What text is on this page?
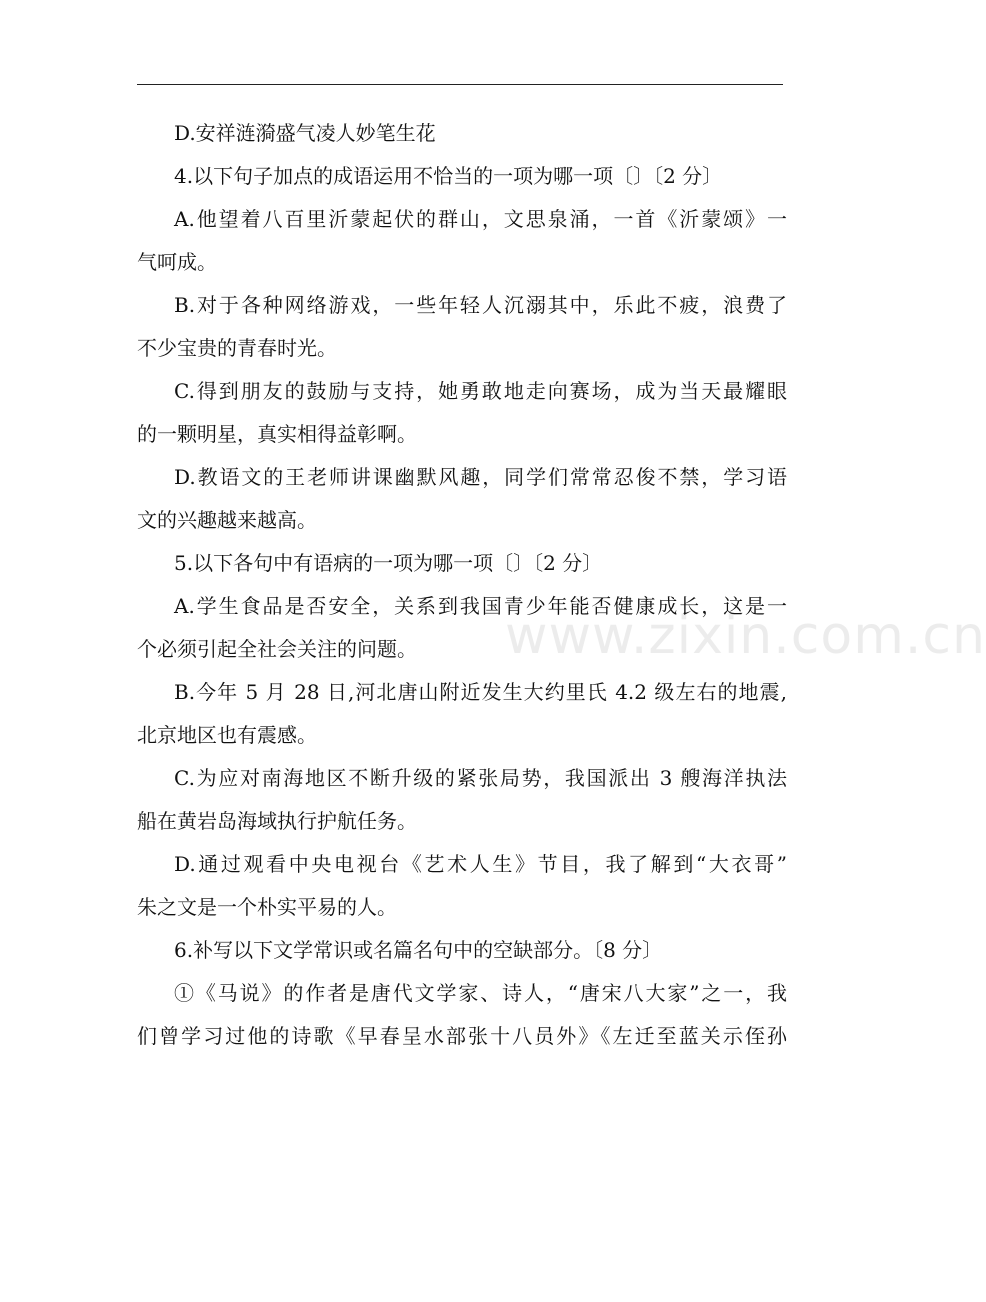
D.安祥涟漪盛气凌人妙笔生花
4.以下句子加点的成语运用不恰当的一项为哪一项〔〕〔2 分〕
A.他望着八百里沂蒙起伏的群山，文思泉涌，一首《沂蒙颂》一
气呵成。
B.对于各种网络游戏，一些年轻人沉溺其中，乐此不疲，浪费了
不少宝贵的青春时光。
C.得到朋友的鼓励与支持，她勇敢地走向赛场，成为当天最耀眼
的一颗明星，真实相得益彰啊。
D.教语文的王老师讲课幽默风趣，同学们常常忍俊不禁，学习语
文的兴趣越来越高。
5.以下各句中有语病的一项为哪一项〔〕〔2 分〕
A.学生食品是否安全，关系到我国青少年能否健康成长，这是一
个必须引起全社会关注的问题。
B.今年 5 月 28 日,河北唐山附近发生大约里氏 4.2 级左右的地震,
北京地区也有震感。
C.为应对南海地区不断升级的紧张局势，我国派出 3 艘海洋执法
船在黄岩岛海域执行护航任务。
D.通过观看中央电视台《艺术人生》节目，我了解到“大衣哥”
朱之文是一个朴实平易的人。
6.补写以下文学常识或名篇名句中的空缺部分。〔8 分〕
①《马说》的作者是唐代文学家、诗人，“唐宋八大家”之一，我
们曾学习过他的诗歌《早春呈水部张十八员外》《左迁至蓝关示侄孙
www.zixin.com.cn
